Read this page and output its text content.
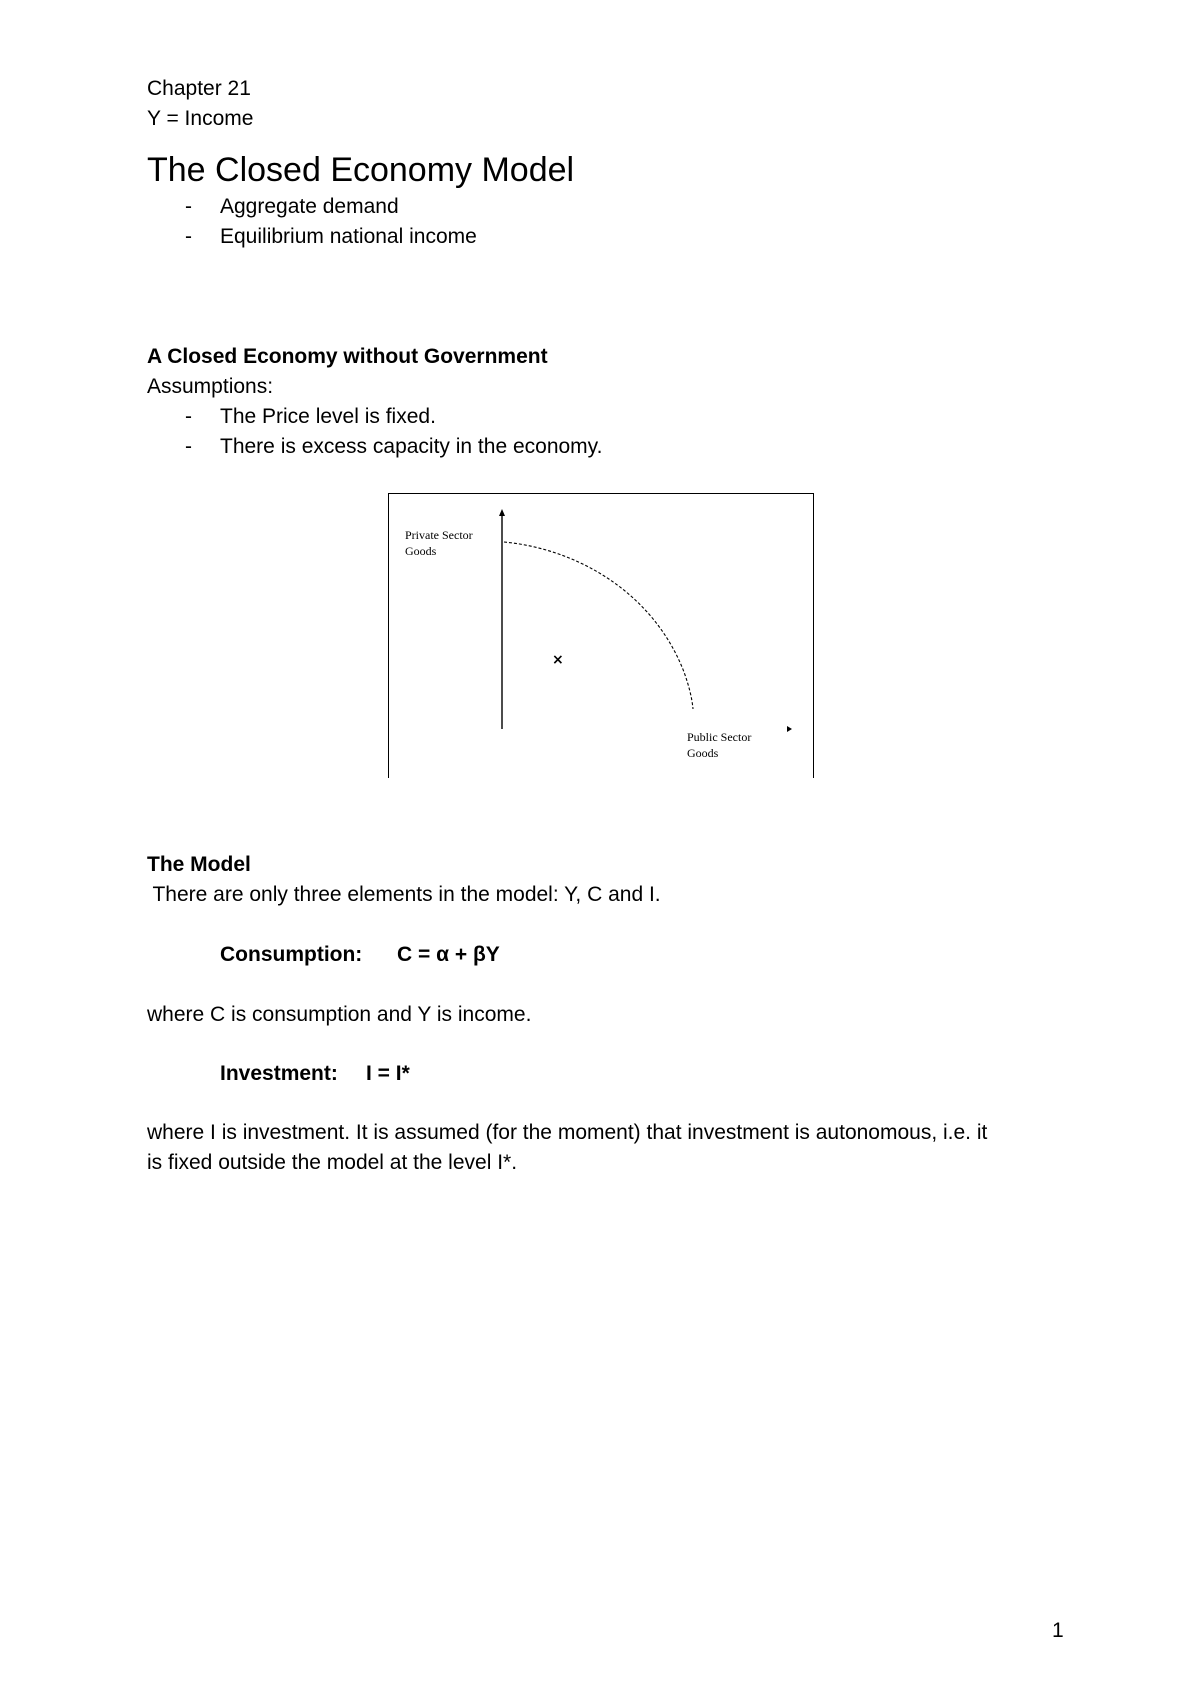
Chapter 21
Y = Income
The Closed Economy Model
- Aggregate demand
- Equilibrium national income
A Closed Economy without Government
Assumptions:
- The Price level is fixed.
- There is excess capacity in the economy.
Private Sector
Goods
×
Public Sector
Goods
The Model
There are only three elements in the model: Y, C and I.
Consumption: C = α + βY
where C is consumption and Y is income.
Investment: I = I*
where I is investment. It is assumed (for the moment) that investment is autonomous, i.e. it
is fixed outside the model at the level I*.
1
